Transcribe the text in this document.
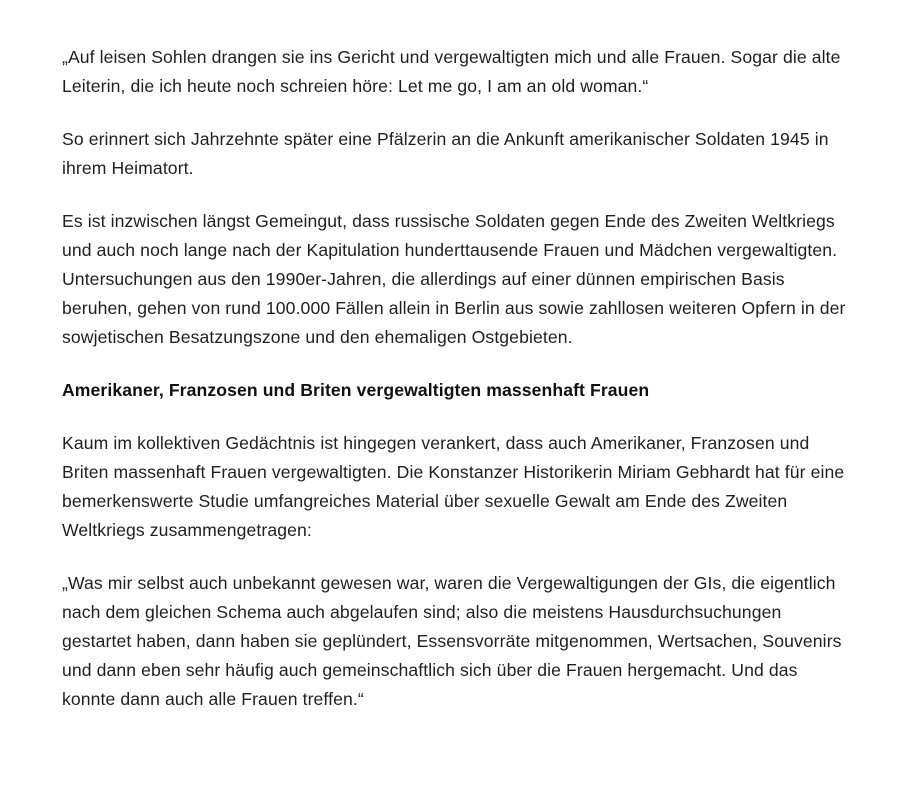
„Auf leisen Sohlen drangen sie ins Gericht und vergewaltigten mich und alle Frauen. Sogar die alte Leiterin, die ich heute noch schreien höre: Let me go, I am an old woman.“

So erinnert sich Jahrzehnte später eine Pfälzerin an die Ankunft amerikanischer Soldaten 1945 in ihrem Heimatort.

Es ist inzwischen längst Gemeingut, dass russische Soldaten gegen Ende des Zweiten Weltkriegs und auch noch lange nach der Kapitulation hunderttausende Frauen und Mädchen vergewaltigten. Untersuchungen aus den 1990er-Jahren, die allerdings auf einer dünnen empirischen Basis beruhen, gehen von rund 100.000 Fällen allein in Berlin aus sowie zahllosen weiteren Opfern in der sowjetischen Besatzungszone und den ehemaligen Ostgebieten.

Amerikaner, Franzosen und Briten vergewaltigten massenhaft Frauen

Kaum im kollektiven Gedächtnis ist hingegen verankert, dass auch Amerikaner, Franzosen und Briten massenhaft Frauen vergewaltigten. Die Konstanzer Historikerin Miriam Gebhardt hat für eine bemerkenswerte Studie umfangreiches Material über sexuelle Gewalt am Ende des Zweiten Weltkriegs zusammengetragen:

„Was mir selbst auch unbekannt gewesen war, waren die Vergewaltigungen der GIs, die eigentlich nach dem gleichen Schema auch abgelaufen sind; also die meistens Hausdurchsuchungen gestartet haben, dann haben sie geplündert, Essensvorräte mitgenommen, Wertsachen, Souvenirs und dann eben sehr häufig auch gemeinschaftlich sich über die Frauen hergemacht. Und das konnte dann auch alle Frauen treffen.“
